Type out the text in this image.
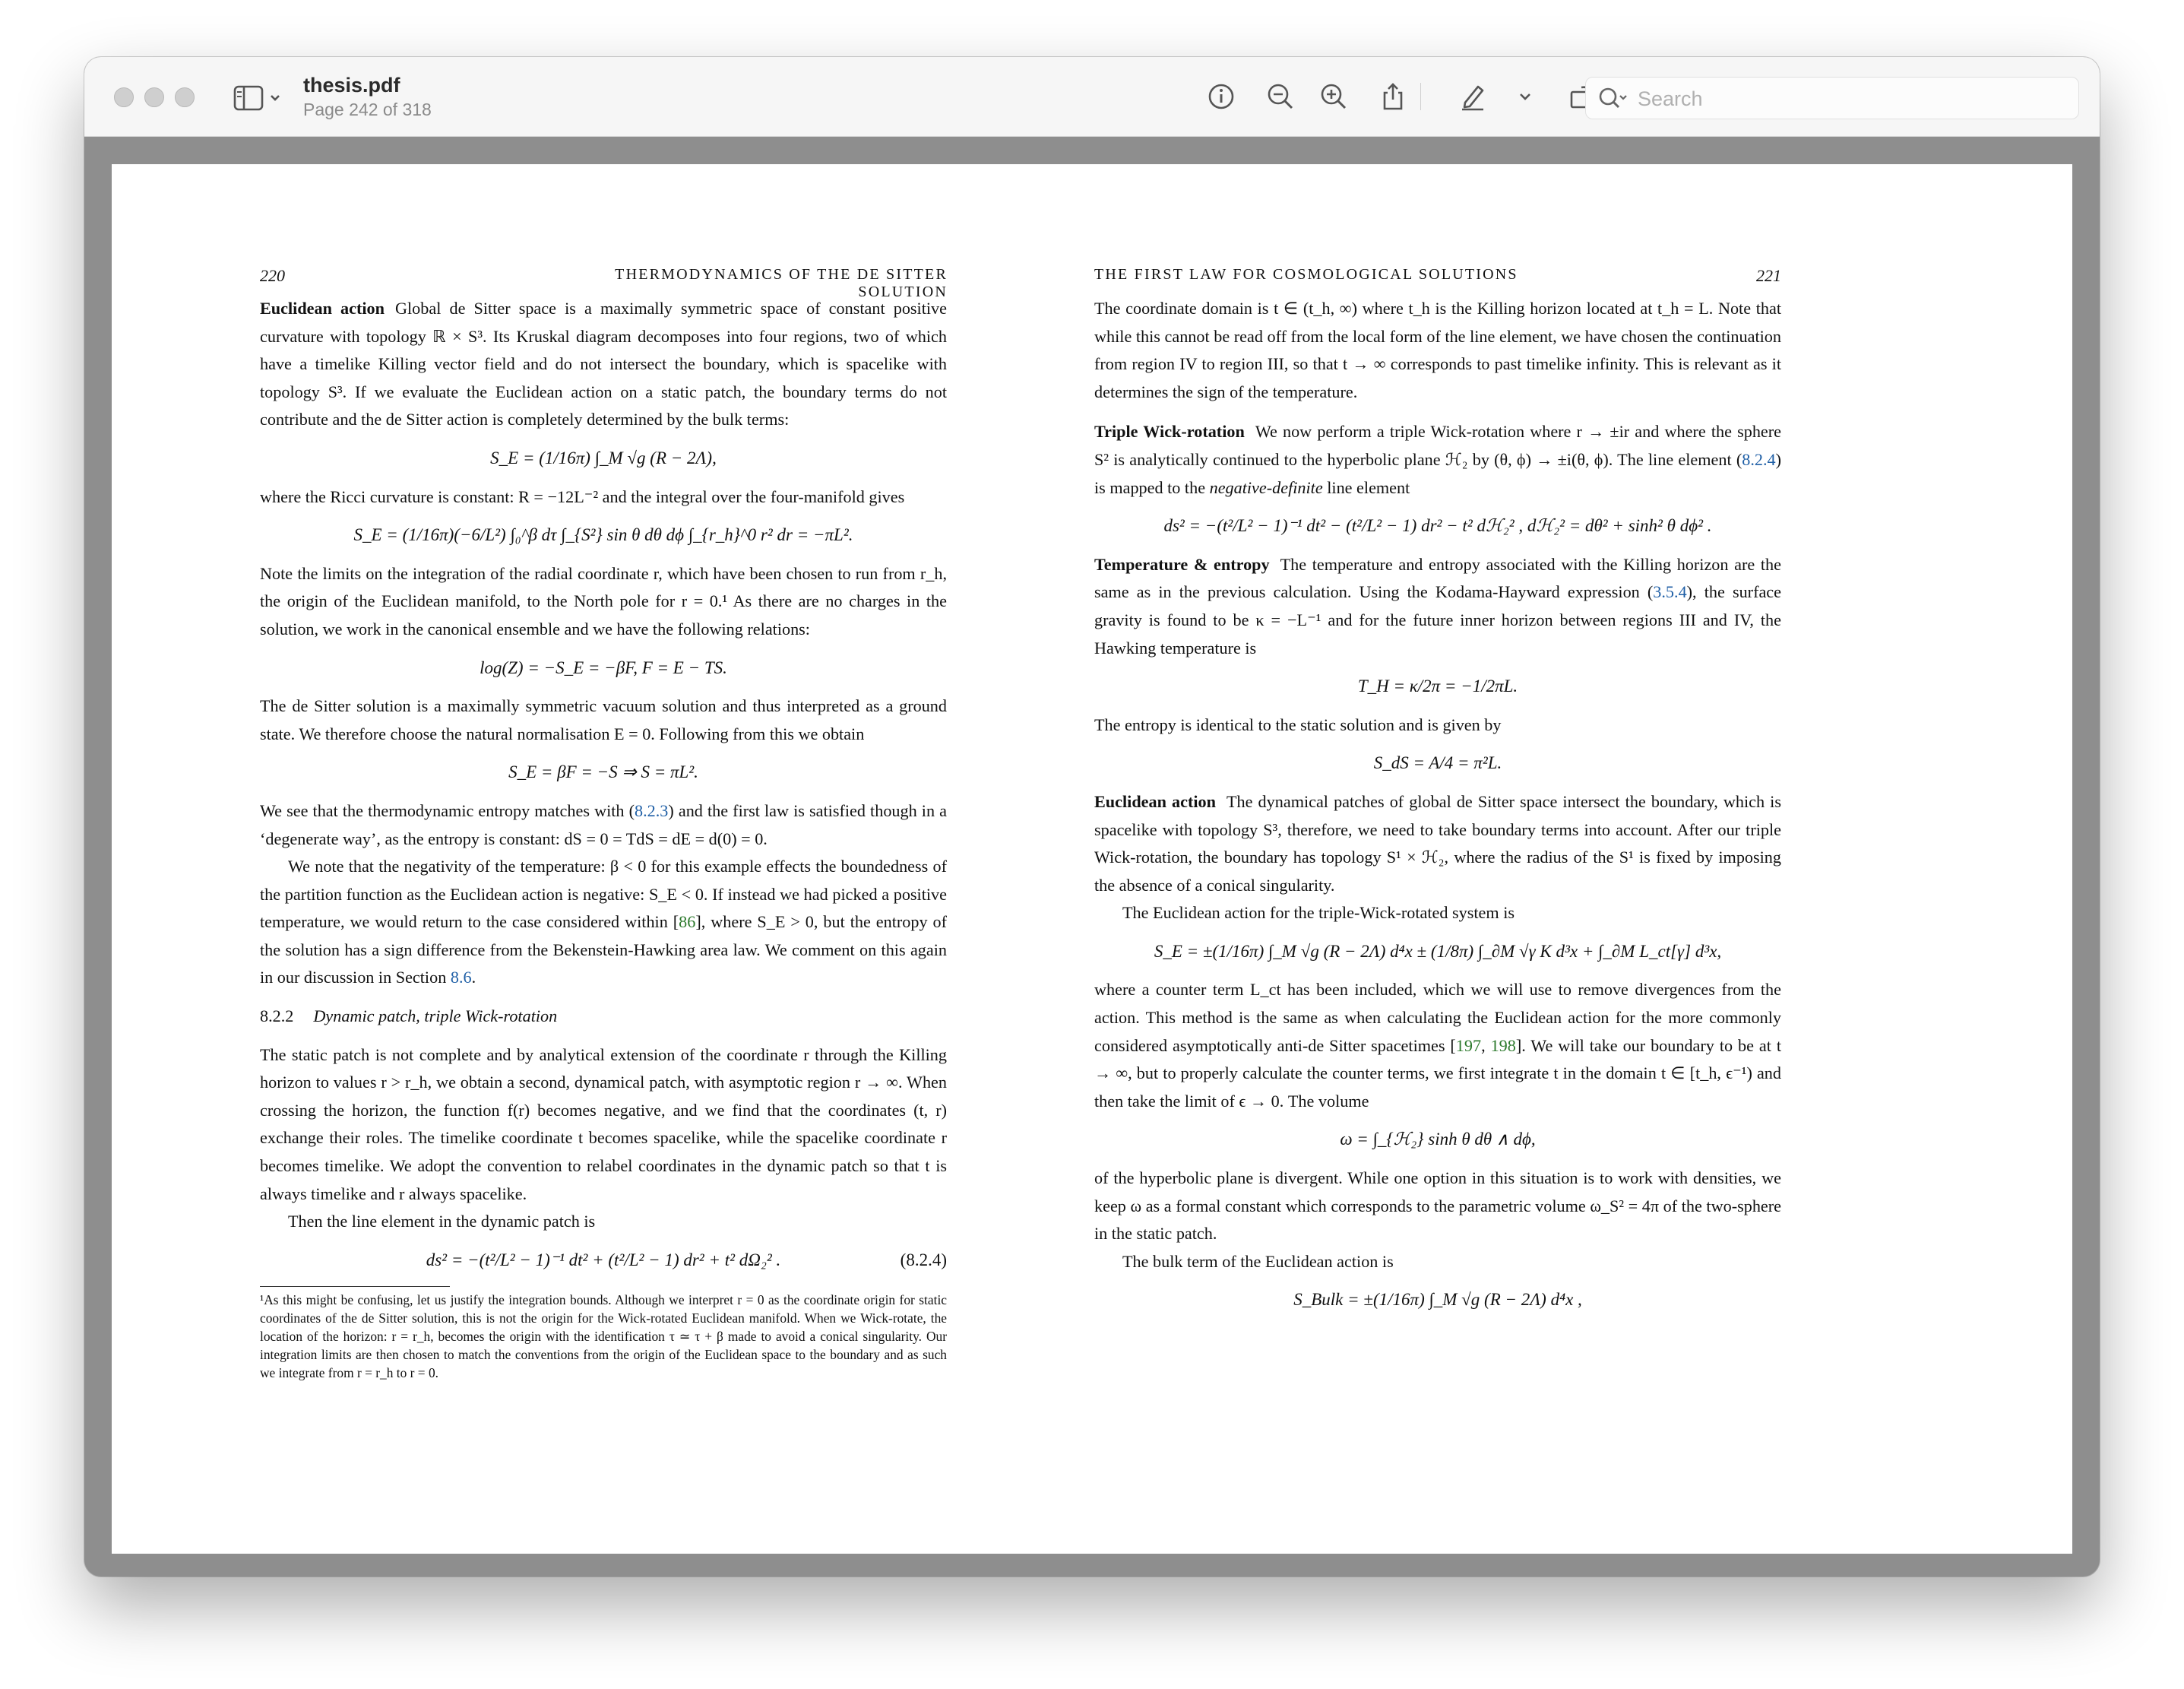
thesis.pdf
Page 242 of 318
Search
220	THERMODYNAMICS OF THE DE SITTER SOLUTION

Euclidean action Global de Sitter space is a maximally symmetric space of constant positive curvature with topology ℝ × S³. Its Kruskal diagram decomposes into four regions, two of which have a timelike Killing vector field and do not intersect the boundary, which is spacelike with topology S³. If we evaluate the Euclidean action on a static patch, the boundary terms do not contribute and the de Sitter action is completely determined by the bulk terms:

S_E = (1/16π) ∫_M √g (R − 2Λ),

where the Ricci curvature is constant: R = −12L⁻² and the integral over the four-manifold gives

S_E = (1/16π)(−6/L²) ∫₀^β dτ ∫_{S²} sin θ dθ dϕ ∫_{r_h}^0 r² dr = −πL².

Note the limits on the integration of the radial coordinate r, which have been chosen to run from r_h, the origin of the Euclidean manifold, to the North pole for r = 0.¹ As there are no charges in the solution, we work in the canonical ensemble and we have the following relations:

log(Z) = −S_E = −βF, F = E − TS.

The de Sitter solution is a maximally symmetric vacuum solution and thus interpreted as a ground state. We therefore choose the natural normalisation E = 0. Following from this we obtain

S_E = βF = −S ⇒ S = πL².

We see that the thermodynamic entropy matches with (8.2.3) and the first law is satisfied though in a ‘degenerate way’, as the entropy is constant: dS = 0 = TdS = dE = d(0) = 0.

We note that the negativity of the temperature: β < 0 for this example effects the boundedness of the partition function as the Euclidean action is negative: S_E < 0. If instead we had picked a positive temperature, we would return to the case considered within [86], where S_E > 0, but the entropy of the solution has a sign difference from the Bekenstein-Hawking area law. We comment on this again in our discussion in Section 8.6.

8.2.2 Dynamic patch, triple Wick-rotation

The static patch is not complete and by analytical extension of the coordinate r through the Killing horizon to values r > r_h, we obtain a second, dynamical patch, with asymptotic region r → ∞. When crossing the horizon, the function f(r) becomes negative, and we find that the coordinates (t, r) exchange their roles. The timelike coordinate t becomes spacelike, while the spacelike coordinate r becomes timelike. We adopt the convention to relabel coordinates in the dynamic patch so that t is always timelike and r always spacelike.

Then the line element in the dynamic patch is

ds² = −(t²/L² − 1)⁻¹ dt² + (t²/L² − 1) dr² + t² dΩ₂² .	(8.2.4)

¹As this might be confusing, let us justify the integration bounds. Although we interpret r = 0 as the coordinate origin for static coordinates of the de Sitter solution, this is not the origin for the Wick-rotated Euclidean manifold. When we Wick-rotate, the location of the horizon: r = r_h, becomes the origin with the identification τ ≃ τ + β made to avoid a conical singularity. Our integration limits are then chosen to match the conventions from the origin of the Euclidean space to the boundary and as such we integrate from r = r_h to r = 0.

THE FIRST LAW FOR COSMOLOGICAL SOLUTIONS	221

The coordinate domain is t ∈ (t_h, ∞) where t_h is the Killing horizon located at t_h = L. Note that while this cannot be read off from the local form of the line element, we have chosen the continuation from region IV to region III, so that t → ∞ corresponds to past timelike infinity. This is relevant as it determines the sign of the temperature.

Triple Wick-rotation We now perform a triple Wick-rotation where r → ±ir and where the sphere S² is analytically continued to the hyperbolic plane ℋ₂ by (θ, ϕ) → ±i(θ, ϕ). The line element (8.2.4) is mapped to the negative-definite line element

ds² = −(t²/L² − 1)⁻¹ dt² − (t²/L² − 1) dr² − t² dℋ₂² , dℋ₂² = dθ² + sinh² θ dϕ² .

Temperature & entropy The temperature and entropy associated with the Killing horizon are the same as in the previous calculation. Using the Kodama-Hayward expression (3.5.4), the surface gravity is found to be κ = −L⁻¹ and for the future inner horizon between regions III and IV, the Hawking temperature is

T_H = κ/2π = −1/2πL.

The entropy is identical to the static solution and is given by

S_dS = A/4 = π²L.

Euclidean action The dynamical patches of global de Sitter space intersect the boundary, which is spacelike with topology S³, therefore, we need to take boundary terms into account. After our triple Wick-rotation, the boundary has topology S¹ × ℋ₂, where the radius of the S¹ is fixed by imposing the absence of a conical singularity.

The Euclidean action for the triple-Wick-rotated system is

S_E = ±(1/16π) ∫_M √g (R − 2Λ) d⁴x ± (1/8π) ∫_∂M √γ K d³x + ∫_∂M L_ct[γ] d³x,

where a counter term L_ct has been included, which we will use to remove divergences from the action. This method is the same as when calculating the Euclidean action for the more commonly considered asymptotically anti-de Sitter spacetimes [197, 198]. We will take our boundary to be at t → ∞, but to properly calculate the counter terms, we first integrate t in the domain t ∈ [t_h, ϵ⁻¹) and then take the limit of ϵ → 0. The volume

ω = ∫_{ℋ₂} sinh θ dθ ∧ dϕ,

of the hyperbolic plane is divergent. While one option in this situation is to work with densities, we keep ω as a formal constant which corresponds to the parametric volume ω_S² = 4π of the two-sphere in the static patch.

The bulk term of the Euclidean action is

S_Bulk = ±(1/16π) ∫_M √g (R − 2Λ) d⁴x ,
